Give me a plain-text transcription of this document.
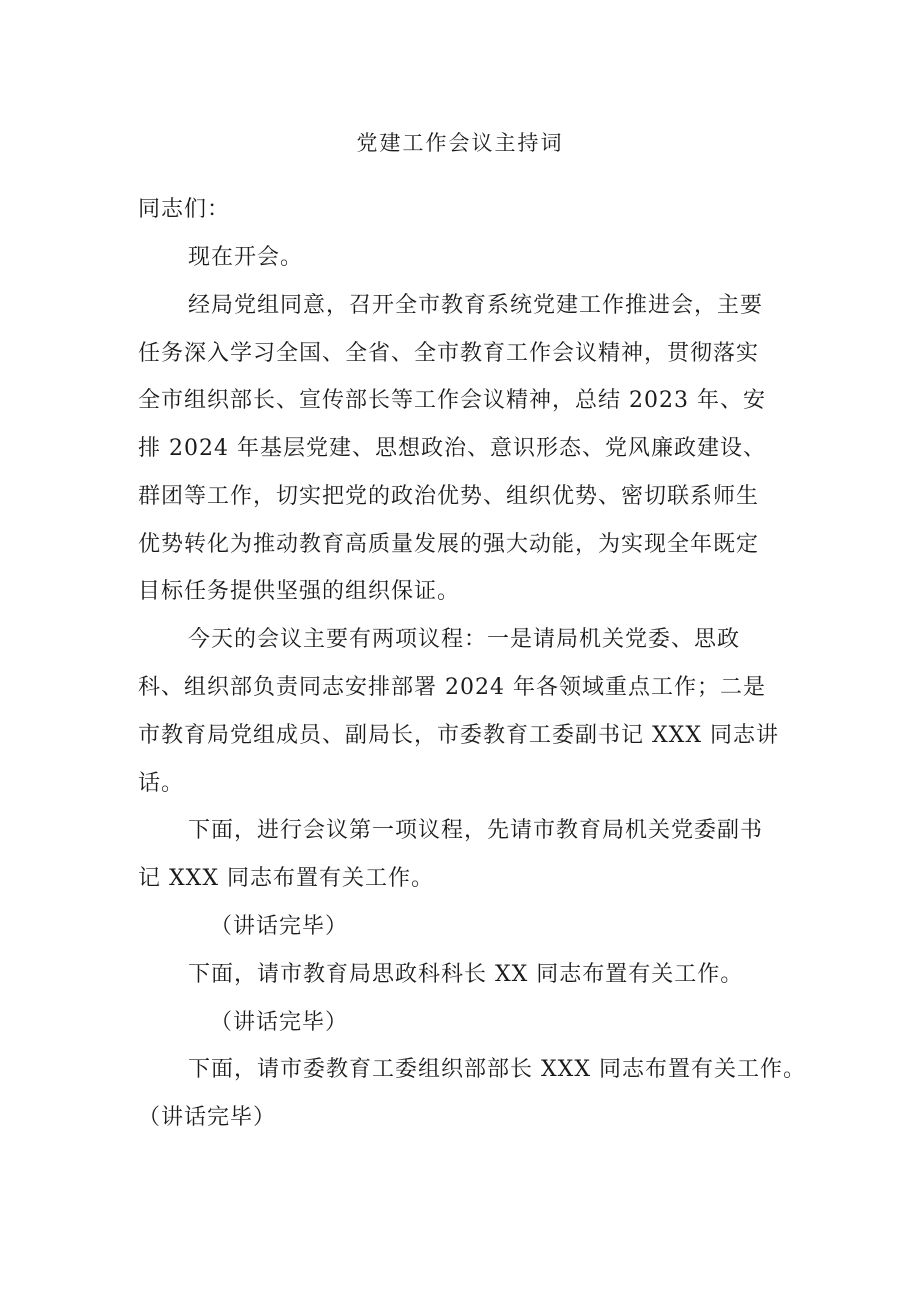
党建工作会议主持词
同志们：
现在开会。
经局党组同意，召开全市教育系统党建工作推进会，主要
任务深入学习全国、全省、全市教育工作会议精神，贯彻落实
全市组织部长、宣传部长等工作会议精神，总结 2023 年、安
排 2024 年基层党建、思想政治、意识形态、党风廉政建设、
群团等工作，切实把党的政治优势、组织优势、密切联系师生
优势转化为推动教育高质量发展的强大动能，为实现全年既定
目标任务提供坚强的组织保证。
今天的会议主要有两项议程：一是请局机关党委、思政
科、组织部负责同志安排部署 2024 年各领域重点工作；二是
市教育局党组成员、副局长，市委教育工委副书记 XXX 同志讲
话。
下面，进行会议第一项议程，先请市教育局机关党委副书
记 XXX 同志布置有关工作。
（讲话完毕）
下面，请市教育局思政科科长 XX 同志布置有关工作。
（讲话完毕）
下面，请市委教育工委组织部部长 XXX 同志布置有关工作。
（讲话完毕）
